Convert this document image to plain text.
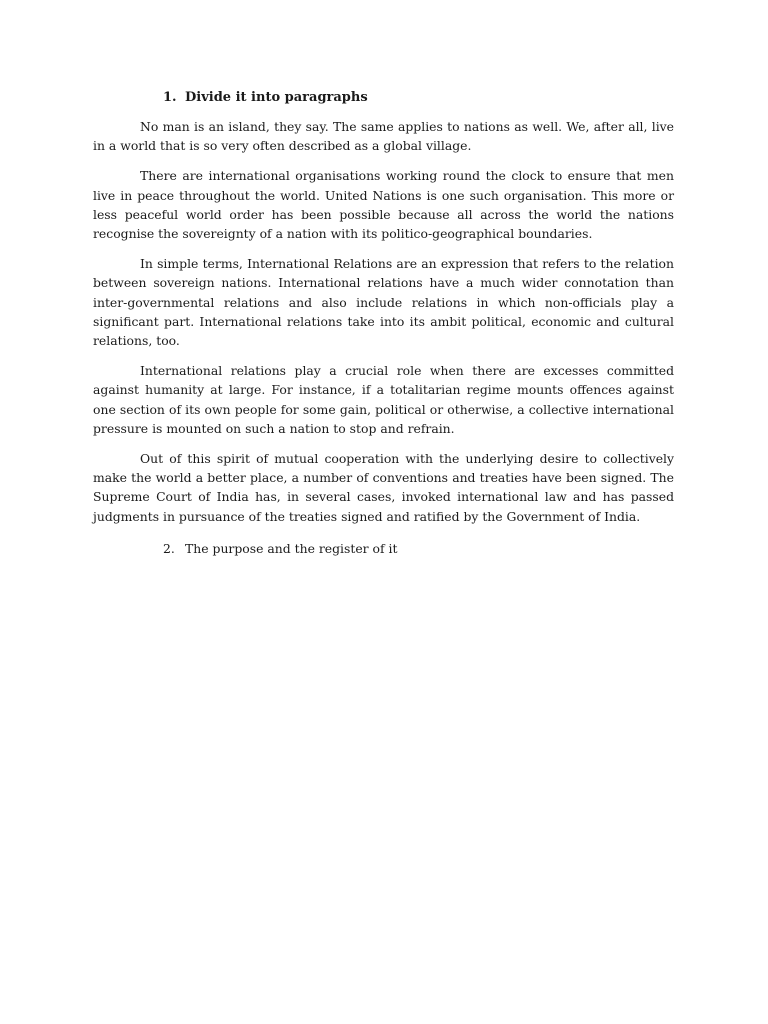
1. Divide it into paragraphs

No man is an island, they say. The same applies to nations as well. We, after all, live in a world that is so very often described as a global village.

There are international organisations working round the clock to ensure that men live in peace throughout the world. United Nations is one such organisation. This more or less peaceful world order has been possible because all across the world the nations recognise the sovereignty of a nation with its politico-geographical boundaries.

In simple terms, International Relations are an expression that refers to the relation between sovereign nations. International relations have a much wider connotation than inter-governmental relations and also include relations in which non-officials play a significant part. International relations take into its ambit political, economic and cultural relations, too.

International relations play a crucial role when there are excesses committed against humanity at large. For instance, if a totalitarian regime mounts offences against one section of its own people for some gain, political or otherwise, a collective international pressure is mounted on such a nation to stop and refrain.

Out of this spirit of mutual cooperation with the underlying desire to collectively make the world a better place, a number of conventions and treaties have been signed. The Supreme Court of India has, in several cases, invoked international law and has passed judgments in pursuance of the treaties signed and ratified by the Government of India.

2. The purpose and the register of it
